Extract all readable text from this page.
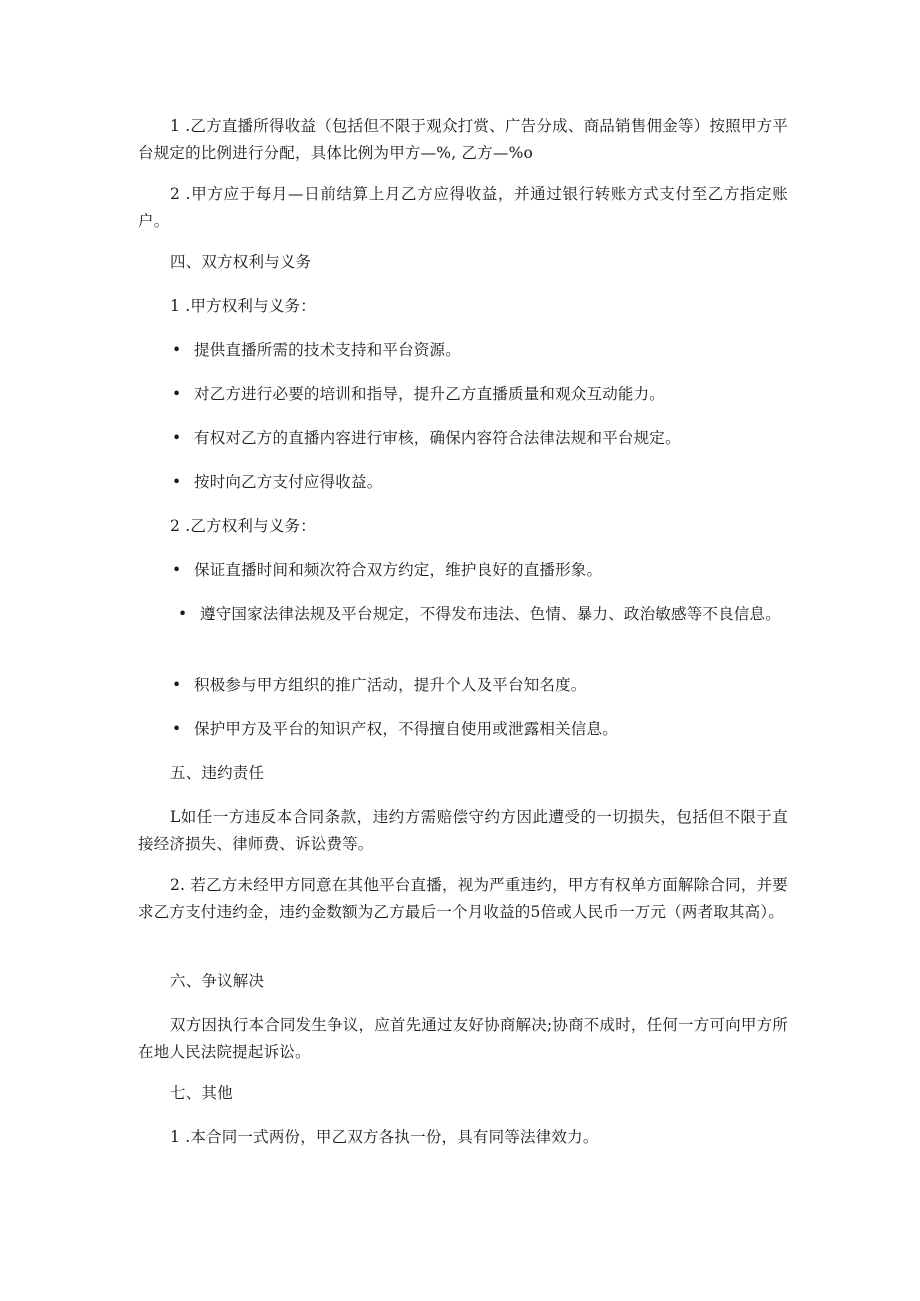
1 .乙方直播所得收益（包括但不限于观众打赏、广告分成、商品销售佣金等）按照甲方平台规定的比例进行分配，具体比例为甲方—%, 乙方—%o
2 .甲方应于每月—日前结算上月乙方应得收益，并通过银行转账方式支付至乙方指定账户。
四、双方权利与义务
1 .甲方权利与义务：
• 提供直播所需的技术支持和平台资源。
• 对乙方进行必要的培训和指导，提升乙方直播质量和观众互动能力。
• 有权对乙方的直播内容进行审核，确保内容符合法律法规和平台规定。
• 按时向乙方支付应得收益。
2 .乙方权利与义务：
• 保证直播时间和频次符合双方约定，维护良好的直播形象。
• 遵守国家法律法规及平台规定，不得发布违法、色情、暴力、政治敏感等不良信息。
• 积极参与甲方组织的推广活动，提升个人及平台知名度。
• 保护甲方及平台的知识产权，不得擅自使用或泄露相关信息。
五、违约责任
L如任一方违反本合同条款，违约方需赔偿守约方因此遭受的一切损失，包括但不限于直接经济损失、律师费、诉讼费等。
2. 若乙方未经甲方同意在其他平台直播，视为严重违约，甲方有权单方面解除合同，并要求乙方支付违约金，违约金数额为乙方最后一个月收益的5倍或人民币一万元（两者取其高）。
六、争议解决
双方因执行本合同发生争议，应首先通过友好协商解决;协商不成时，任何一方可向甲方所在地人民法院提起诉讼。
七、其他
1 .本合同一式两份，甲乙双方各执一份，具有同等法律效力。
